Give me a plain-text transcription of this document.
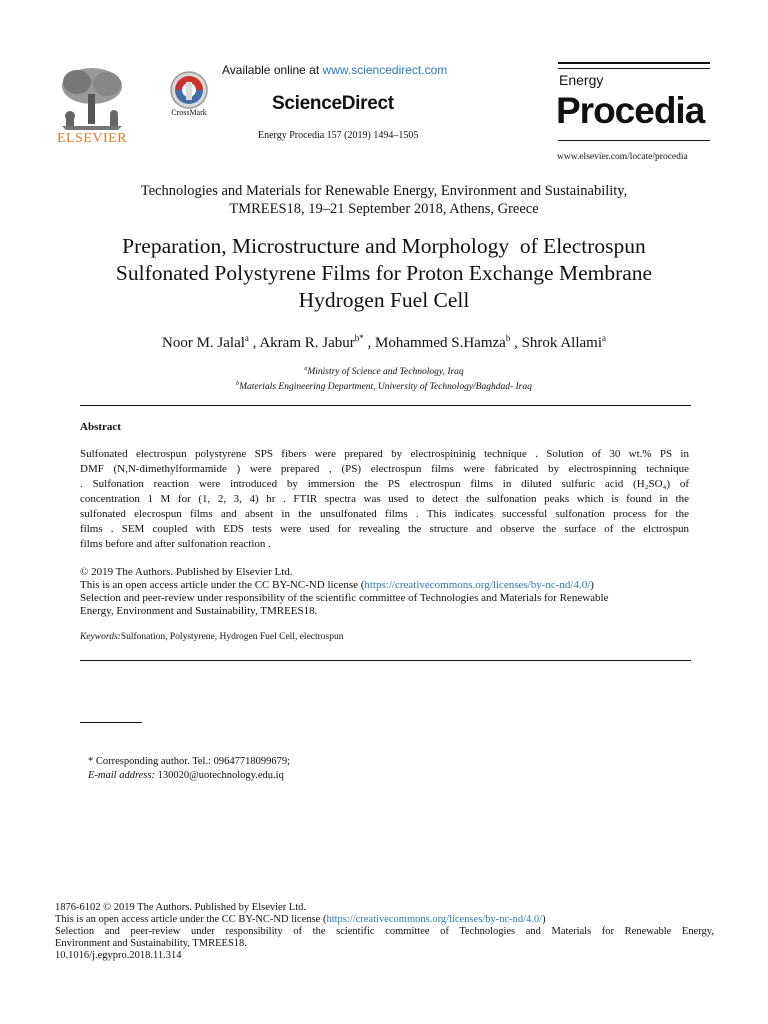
ELSEVIER
CrossMark
Available online at www.sciencedirect.com
ScienceDirect
Energy Procedia 157 (2019) 1494–1505
Energy
Procedia
www.elsevier.com/locate/procedia
Technologies and Materials for Renewable Energy, Environment and Sustainability,
TMREES18, 19–21 September 2018, Athens, Greece
Preparation, Microstructure and Morphology  of Electrospun
Sulfonated Polystyrene Films for Proton Exchange Membrane
Hydrogen Fuel Cell
Noor M. Jalal$^a$ , Akram R. Jabur$^{b*}$ , Mohammed S.Hamza$^b$ , Shrok Allami$^a$
$^a$Ministry of Science and Technology, Iraq
$^b$Materials Engineering Department, University of Technology/Baghdad- Iraq
Abstract
Sulfonated electrospun polystyrene SPS fibers were prepared by electrospininig technique . Solution of 30 wt.% PS in
DMF (N,N-dimethylformamide ) were prepared , (PS) electrospun films were fabricated by electrospinning technique
. Sulfonation reaction were introduced by immersion the PS electrospun films in diluted sulfuric acid (H₂SO₄) of
concentration 1 M for (1, 2, 3, 4) hr . FTIR spectra was used to detect the sulfonation peaks which is found in the
sulfonated elecrospun films and absent in the unsulfonated films . This indicates successful sulfonation process for the
films . SEM coupled with EDS tests were used for revealing the structure and observe the surface of the elctrospun
films before and after sulfonation reaction .
© 2019 The Authors. Published by Elsevier Ltd.
This is an open access article under the CC BY-NC-ND license (https://creativecommons.org/licenses/by-nc-nd/4.0/)
Selection and peer-review under responsibility of the scientific committee of Technologies and Materials for Renewable
Energy, Environment and Sustainability, TMREES18.
Keywords:Sulfonation, Polystyrene, Hydrogen Fuel Cell, electrospun
* Corresponding author. Tel.: 09647718099679;
E-mail address: 130020@uotechnology.edu.iq
1876-6102 © 2019 The Authors. Published by Elsevier Ltd.
This is an open access article under the CC BY-NC-ND license (https://creativecommons.org/licenses/by-nc-nd/4.0/)
Selection and peer-review under responsibility of the scientific committee of Technologies and Materials for Renewable Energy,
Environment and Sustainability, TMREES18.
10.1016/j.egypro.2018.11.314
